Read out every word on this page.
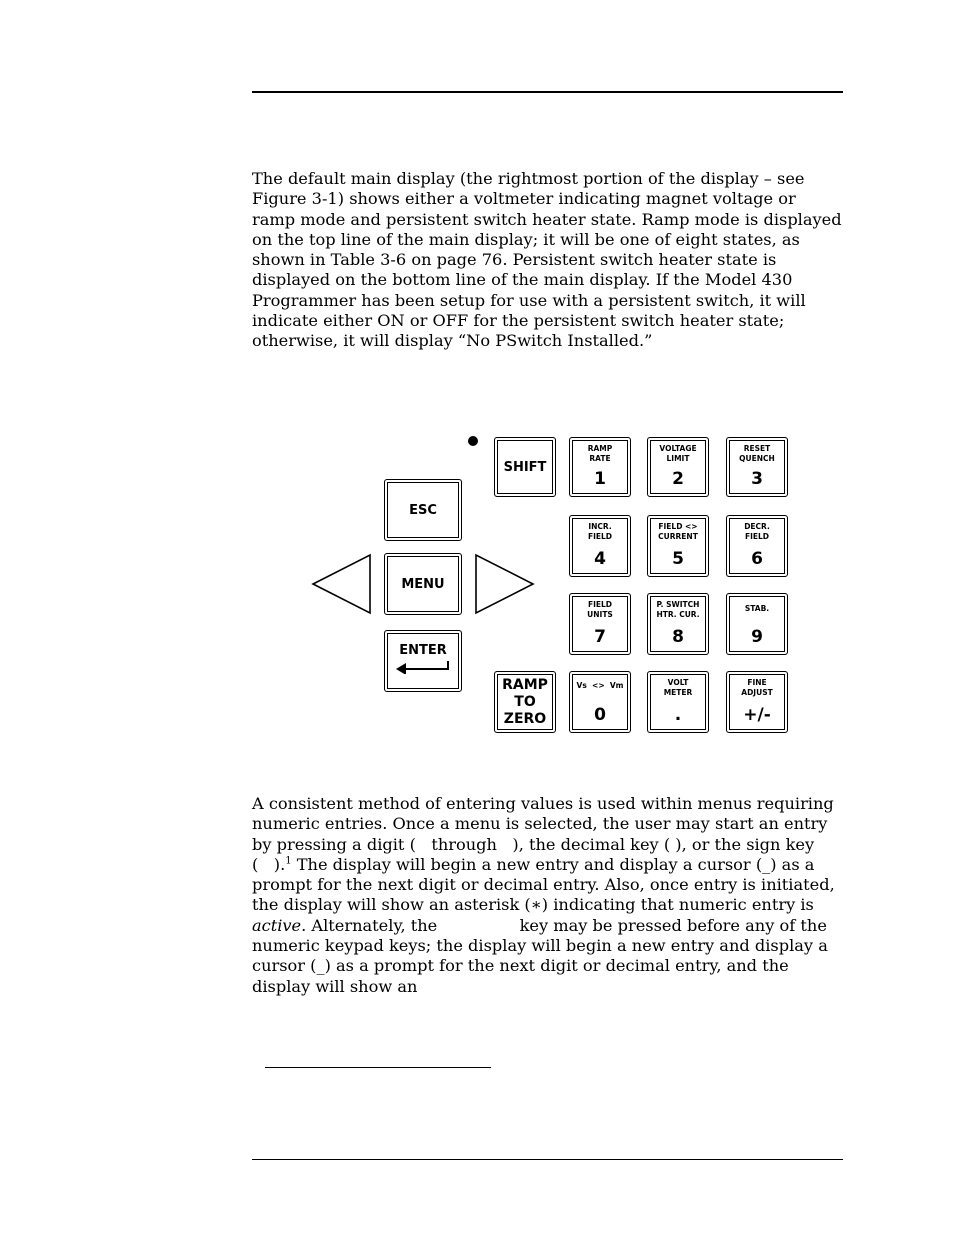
The default main display (the rightmost portion of the display – see Figure 3-1) shows either a voltmeter indicating magnet voltage or ramp mode and persistent switch heater state. Ramp mode is displayed on the top line of the main display; it will be one of eight states, as shown in Table 3-6 on page 76. Persistent switch heater state is displayed on the bottom line of the main display. If the Model 430 Programmer has been setup for use with a persistent switch, it will indicate either ON or OFF for the persistent switch heater state; otherwise, it will display “No PSwitch Installed.”

ESC
MENU
ENTER
SHIFT
RAMP
TO
ZERO
RAMP
RATE
1
VOLTAGE
LIMIT
2
RESET
QUENCH
3
INCR.
FIELD
4
FIELD <>
CURRENT
5
DECR.
FIELD
6
FIELD
UNITS
7
P. SWITCH
HTR. CUR.
8
STAB.
9
Vs  <>  Vm
0
VOLT
METER
.
FINE
ADJUST
+/-

A consistent method of entering values is used within menus requiring numeric entries. Once a menu is selected, the user may start an entry by pressing a digit (   through   ), the decimal key ( ), or the sign key (   ).$^1$ The display will begin a new entry and display a cursor (_) as a prompt for the next digit or decimal entry. Also, once entry is initiated, the display will show an asterisk (∗) indicating that numeric entry is active. Alternately, the                key may be pressed before any of the numeric keypad keys; the display will begin a new entry and display a cursor (_) as a prompt for the next digit or decimal entry, and the display will show an
